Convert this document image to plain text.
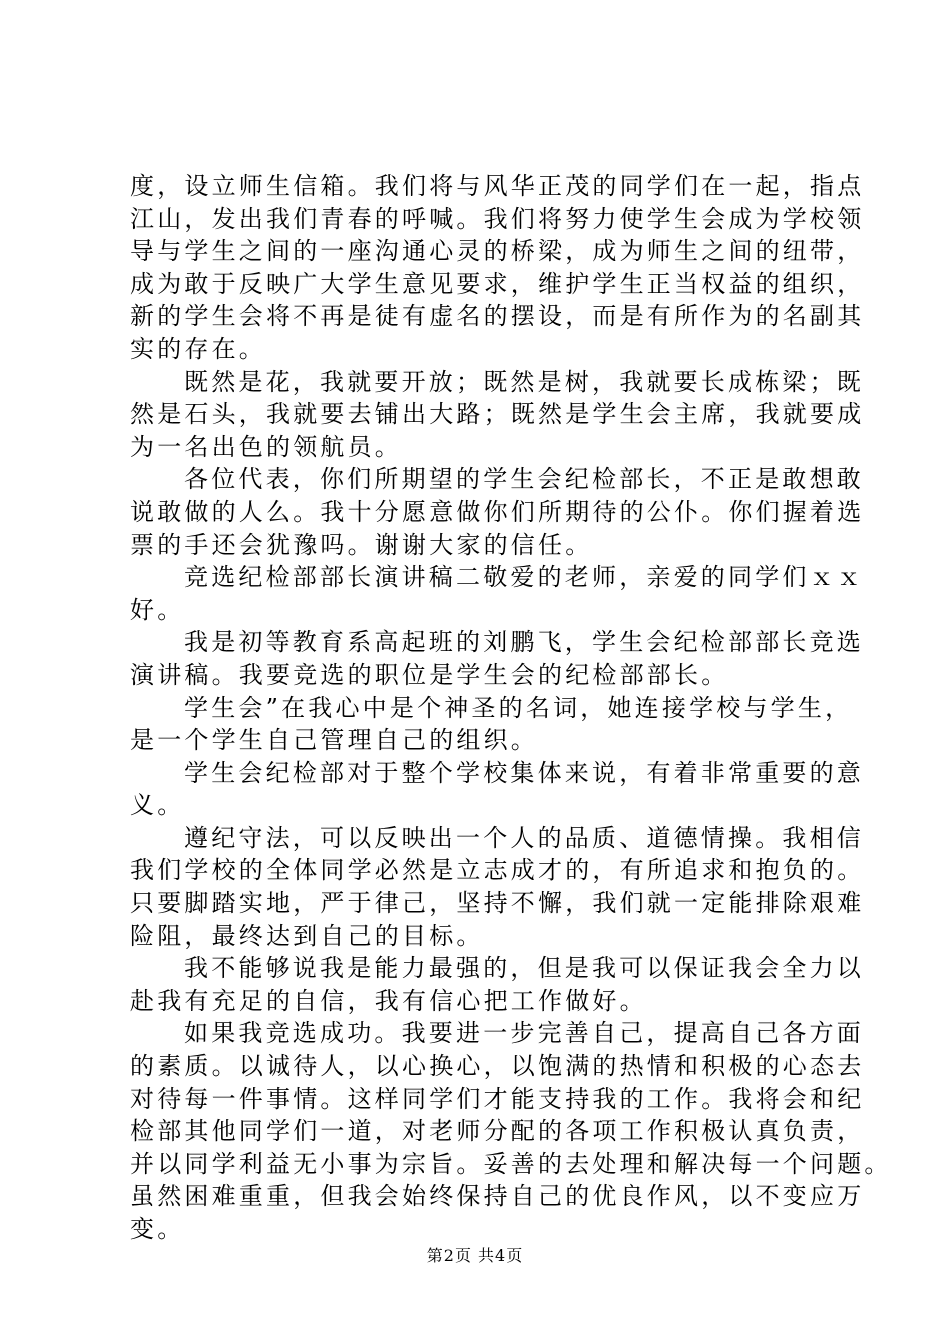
度，设立师生信箱。我们将与风华正茂的同学们在一起，指点
江山，发出我们青春的呼喊。我们将努力使学生会成为学校领
导与学生之间的一座沟通心灵的桥梁，成为师生之间的纽带，
成为敢于反映广大学生意见要求，维护学生正当权益的组织，
新的学生会将不再是徒有虚名的摆设，而是有所作为的名副其
实的存在。
既然是花，我就要开放；既然是树，我就要长成栋梁；既
然是石头，我就要去铺出大路；既然是学生会主席，我就要成
为一名出色的领航员。
各位代表，你们所期望的学生会纪检部长，不正是敢想敢
说敢做的人么。我十分愿意做你们所期待的公仆。你们握着选
票的手还会犹豫吗。谢谢大家的信任。
竞选纪检部部长演讲稿二敬爱的老师，亲爱的同学们ｘｘ
好。
我是初等教育系高起班的刘鹏飞，学生会纪检部部长竞选
演讲稿。我要竞选的职位是学生会的纪检部部长。
学生会”在我心中是个神圣的名词，她连接学校与学生，
是一个学生自己管理自己的组织。
学生会纪检部对于整个学校集体来说，有着非常重要的意
义。
遵纪守法，可以反映出一个人的品质、道德情操。我相信
我们学校的全体同学必然是立志成才的，有所追求和抱负的。
只要脚踏实地，严于律己，坚持不懈，我们就一定能排除艰难
险阻，最终达到自己的目标。
我不能够说我是能力最强的，但是我可以保证我会全力以
赴我有充足的自信，我有信心把工作做好。
如果我竞选成功。我要进一步完善自己，提高自己各方面
的素质。以诚待人，以心换心，以饱满的热情和积极的心态去
对待每一件事情。这样同学们才能支持我的工作。我将会和纪
检部其他同学们一道，对老师分配的各项工作积极认真负责，
并以同学利益无小事为宗旨。妥善的去处理和解决每一个问题。
虽然困难重重，但我会始终保持自己的优良作风，以不变应万
变。
第2页 共4页
